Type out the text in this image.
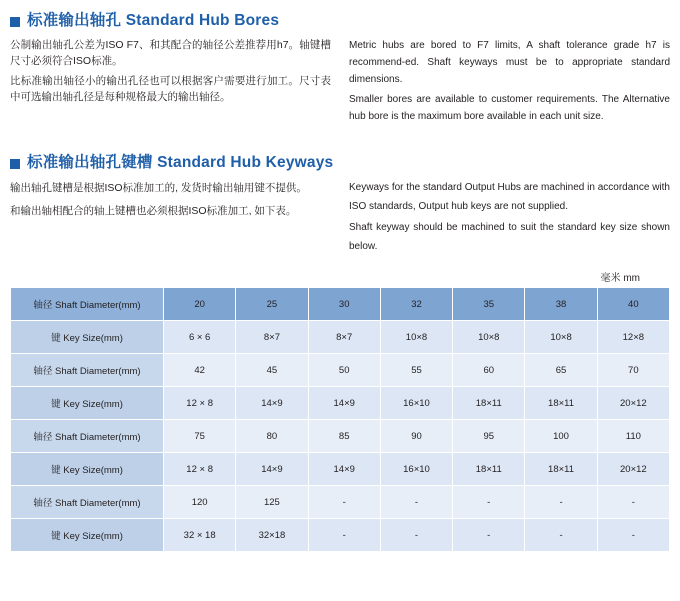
标准输出轴孔 Standard Hub Bores

公制输出轴孔公差为ISO F7、和其配合的轴径公差推荐用h7。轴键槽尺寸必须符合ISO标准。

比标准输出轴径小的输出孔径也可以根据客户需要进行加工。尺寸表中可选输出轴孔径是每种规格最大的输出轴径。

Metric hubs are bored to F7 limits, A shaft tolerance grade h7 is recommend-ed. Shaft keyways must be to appropriate standard dimensions.

Smaller bores are available to customer requirements. The Alternative hub bore is the maximum bore available in each unit size.

标准输出轴孔键槽 Standard Hub Keyways

输出轴孔键槽是根据ISO标准加工的, 发货时输出轴用键不提供。

和输出轴相配合的轴上键槽也必须根据ISO标准加工, 如下表。

Keyways for the standard Output Hubs are machined in accordance with ISO standards, Output hub keys are not supplied.

Shaft keyway should be machined to suit the standard key size shown below.

毫米 mm
轴径 Shaft Diameter(mm)	20	25	30	32	35	38	40
键 Key Size(mm)	6 × 6	8×7	8×7	10×8	10×8	10×8	12×8
轴径 Shaft Diameter(mm)	42	45	50	55	60	65	70
键 Key Size(mm)	12 × 8	14×9	14×9	16×10	18×11	18×11	20×12
轴径 Shaft Diameter(mm)	75	80	85	90	95	100	110
键 Key Size(mm)	12 × 8	14×9	14×9	16×10	18×11	18×11	20×12
轴径 Shaft Diameter(mm)	120	125	-	-	-	-	-
键 Key Size(mm)	32 × 18	32×18	-	-	-	-	-
